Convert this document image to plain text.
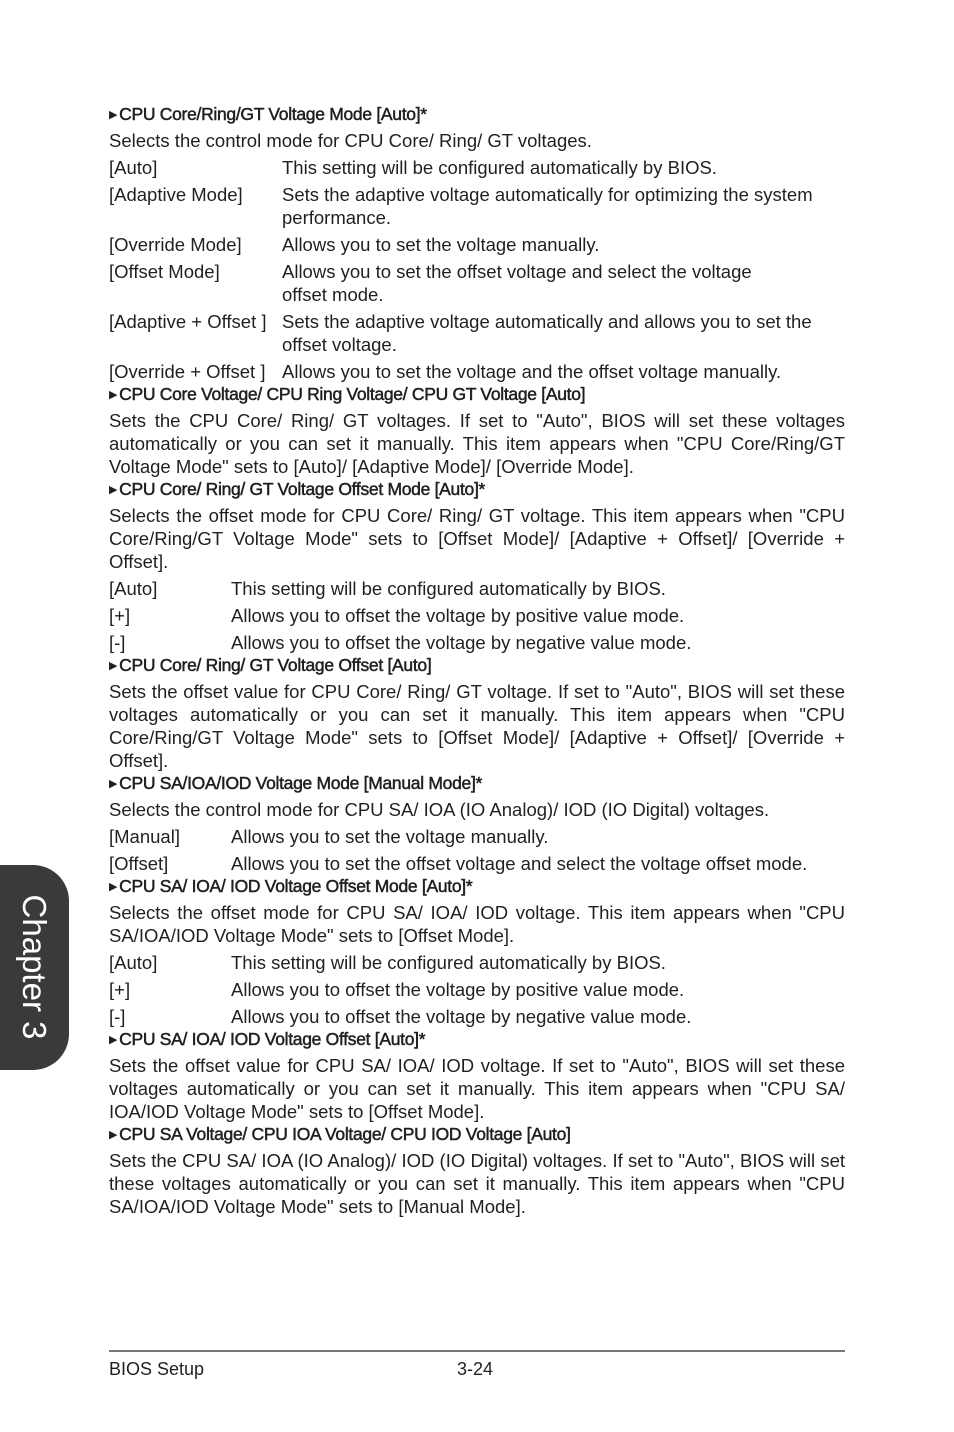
Chapter 3
▶ CPU Core/Ring/GT Voltage Mode [Auto]*

Selects the control mode for CPU Core/ Ring/ GT voltages.

[Auto]	This setting will be configured automatically by BIOS.
[Adaptive Mode]	Sets the adaptive voltage automatically for optimizing the system performance.
[Override Mode]	Allows you to set the voltage manually.
[Offset Mode]	Allows you to set the offset voltage and select the voltage offset mode.
[Adaptive + Offset ] Sets the adaptive voltage automatically and allows you to set the offset voltage.
[Override + Offset ] Allows you to set the voltage and the offset voltage manually.
▶ CPU Core Voltage/ CPU Ring Voltage/ CPU GT Voltage [Auto]

Sets the CPU Core/ Ring/ GT voltages. If set to "Auto", BIOS will set these voltages automatically or you can set it manually. This item appears when "CPU Core/Ring/GT Voltage Mode" sets to [Auto]/ [Adaptive Mode]/ [Override Mode].

▶ CPU Core/ Ring/ GT Voltage Offset Mode [Auto]*

Selects the offset mode for CPU Core/ Ring/ GT voltage. This item appears when "CPU Core/Ring/GT Voltage Mode" sets to [Offset Mode]/ [Adaptive + Offset]/ [Override + Offset].

[Auto]	This setting will be configured automatically by BIOS.
[+]	Allows you to offset the voltage by positive value mode.
[-]	Allows you to offset the voltage by negative value mode.
▶ CPU Core/ Ring/ GT Voltage Offset [Auto]

Sets the offset value for CPU Core/ Ring/ GT voltage. If set to "Auto", BIOS will set these voltages automatically or you can set it manually. This item appears when "CPU Core/Ring/GT Voltage Mode" sets to [Offset Mode]/ [Adaptive + Offset]/ [Override + Offset].

▶ CPU SA/IOA/IOD Voltage Mode [Manual Mode]*

Selects the control mode for CPU SA/ IOA (IO Analog)/ IOD (IO Digital) voltages.

[Manual]	Allows you to set the voltage manually.
[Offset]	Allows you to set the offset voltage and select the voltage offset mode.
▶ CPU SA/ IOA/ IOD Voltage Offset Mode [Auto]*

Selects the offset mode for CPU SA/ IOA/ IOD voltage. This item appears when "CPU SA/IOA/IOD Voltage Mode" sets to [Offset Mode].

[Auto]	This setting will be configured automatically by BIOS.
[+]	Allows you to offset the voltage by positive value mode.
[-]	Allows you to offset the voltage by negative value mode.
▶ CPU SA/ IOA/ IOD Voltage Offset [Auto]*

Sets the offset value for CPU SA/ IOA/ IOD voltage. If set to "Auto", BIOS will set these voltages automatically or you can set it manually. This item appears when "CPU SA/ IOA/IOD Voltage Mode" sets to [Offset Mode].

▶ CPU SA Voltage/ CPU IOA Voltage/ CPU IOD Voltage [Auto]

Sets the CPU SA/ IOA (IO Analog)/ IOD (IO Digital) voltages. If set to "Auto", BIOS will set these voltages automatically or you can set it manually. This item appears when "CPU SA/IOA/IOD Voltage Mode" sets to [Manual Mode].

BIOS Setup	3-24
